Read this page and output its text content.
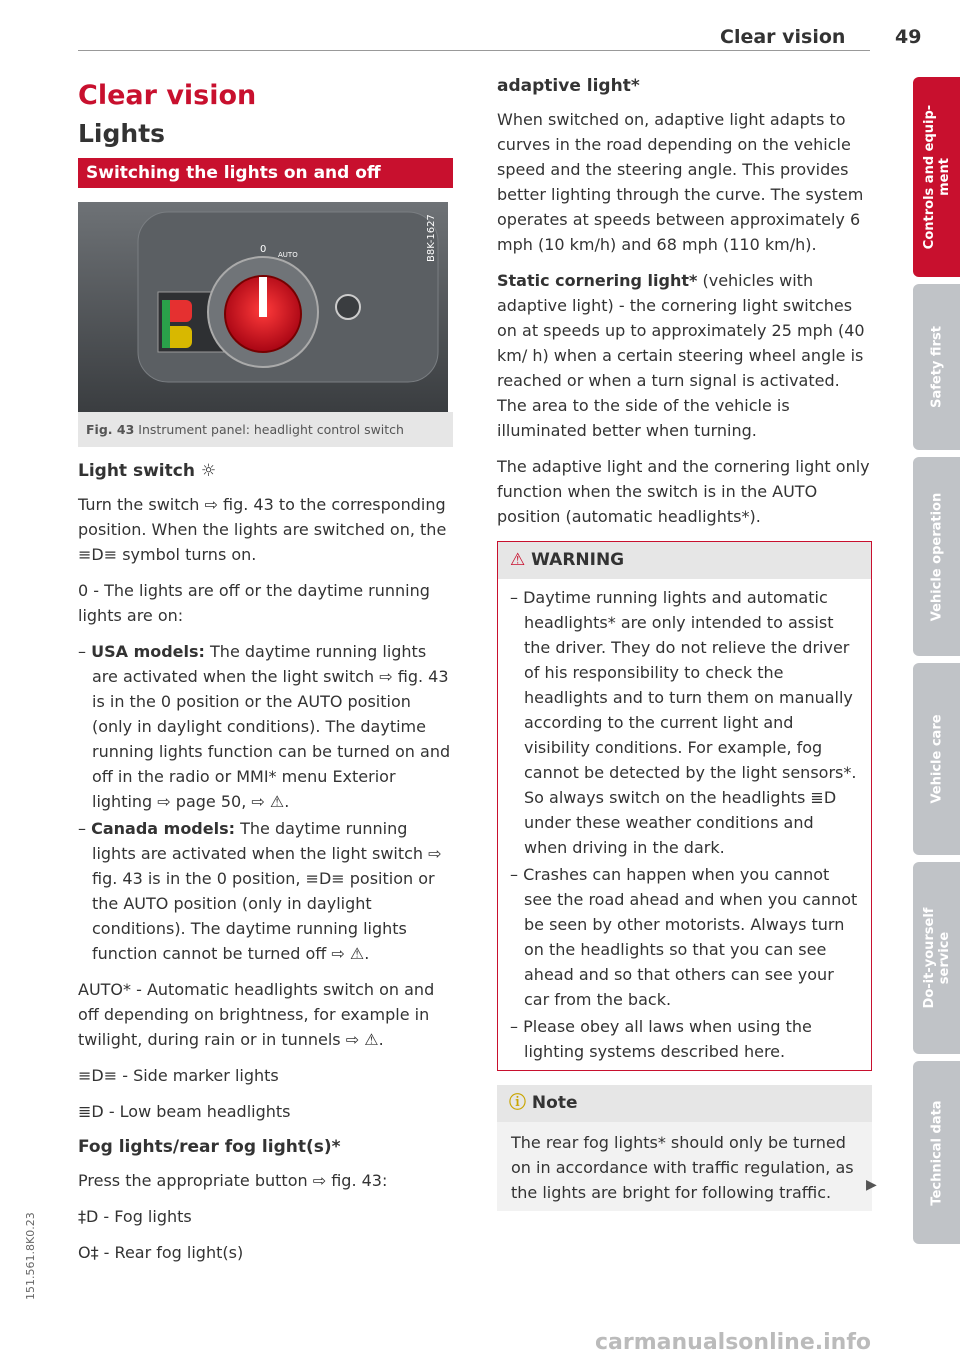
Clear vision	49
Clear vision
Lights
Switching the lights on and off
0 AUTO	B8K-1627
Fig. 43 Instrument panel: headlight control switch
Light switch ☼

Turn the switch ⇨ fig. 43 to the corresponding position. When the lights are switched on, the ≡D≡ symbol turns on.

0 - The lights are off or the daytime running lights are on:

– USA models: The daytime running lights are activated when the light switch ⇨ fig. 43 is in the 0 position or the AUTO position (only in daylight conditions). The daytime running lights function can be turned on and off in the radio or MMI* menu Exterior lighting ⇨ page 50, ⇨ ⚠.
– Canada models: The daytime running lights are activated when the light switch ⇨ fig. 43 is in the 0 position, ≡D≡ position or the AUTO position (only in daylight conditions). The daytime running lights function cannot be turned off ⇨ ⚠.

AUTO* - Automatic headlights switch on and off depending on brightness, for example in twilight, during rain or in tunnels ⇨ ⚠.

≡D≡ - Side marker lights

≣D - Low beam headlights

Fog lights/rear fog light(s)*

Press the appropriate button ⇨ fig. 43:

‡D - Fog lights

O‡ - Rear fog light(s)

adaptive light*

When switched on, adaptive light adapts to curves in the road depending on the vehicle speed and the steering angle. This provides better lighting through the curve. The system operates at speeds between approximately 6 mph (10 km/h) and 68 mph (110 km/h).

Static cornering light* (vehicles with adaptive light) - the cornering light switches on at speeds up to approximately 25 mph (40 km/ h) when a certain steering wheel angle is reached or when a turn signal is activated. The area to the side of the vehicle is illuminated better when turning.

The adaptive light and the cornering light only function when the switch is in the AUTO position (automatic headlights*).

⚠ WARNING
– Daytime running lights and automatic headlights* are only intended to assist the driver. They do not relieve the driver of his responsibility to check the headlights and to turn them on manually according to the current light and visibility conditions. For example, fog cannot be detected by the light sensors*. So always switch on the headlights ≣D under these weather conditions and when driving in the dark.
– Crashes can happen when you cannot see the road ahead and when you cannot be seen by other motorists. Always turn on the headlights so that you can see ahead and so that others can see your car from the back.
– Please obey all laws when using the lighting systems described here.
ⓘ Note
The rear fog lights* should only be turned on in accordance with traffic regulation, as the lights are bright for following traffic.	▶
Controls and equip-
ment
Safety first
Vehicle operation
Vehicle care
Do-it-yourself
service
Technical data
151.561.8K0.23
carmanualsonline.info
